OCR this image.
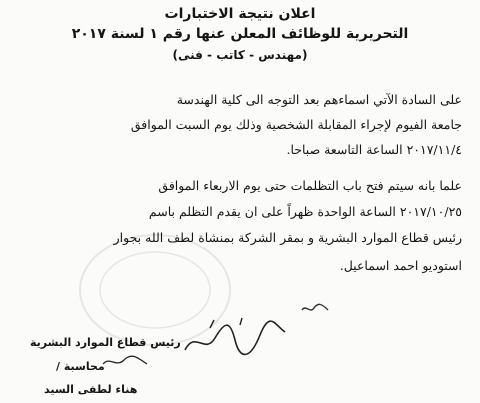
اعلان نتيجة الاختبارات
التحريرية للوظائف المعلن عنها رقم ١ لسنة ٢٠١٧
(مهندس - كاتب - فنى)
على السادة الآتي اسماءهم بعد التوجه الى كلية الهندسة
جامعة الفيوم لإجراء المقابلة الشخصية وذلك يوم السبت الموافق
٢٠١٧/١١/٤ الساعة التاسعة صباحا.
علما بانه سيتم فتح باب التظلمات حتى يوم الاربعاء الموافق
٢٠١٧/١٠/٢٥ الساعة الواحدة ظهراً على ان يقدم التظلم باسم
رئيس قطاع الموارد البشرية و بمقر الشركة بمنشاة لطف الله بجوار
استوديو احمد اسماعيل.
رئيس قطاع الموارد البشرية
محاسبة /
هناء لطفى السيد
